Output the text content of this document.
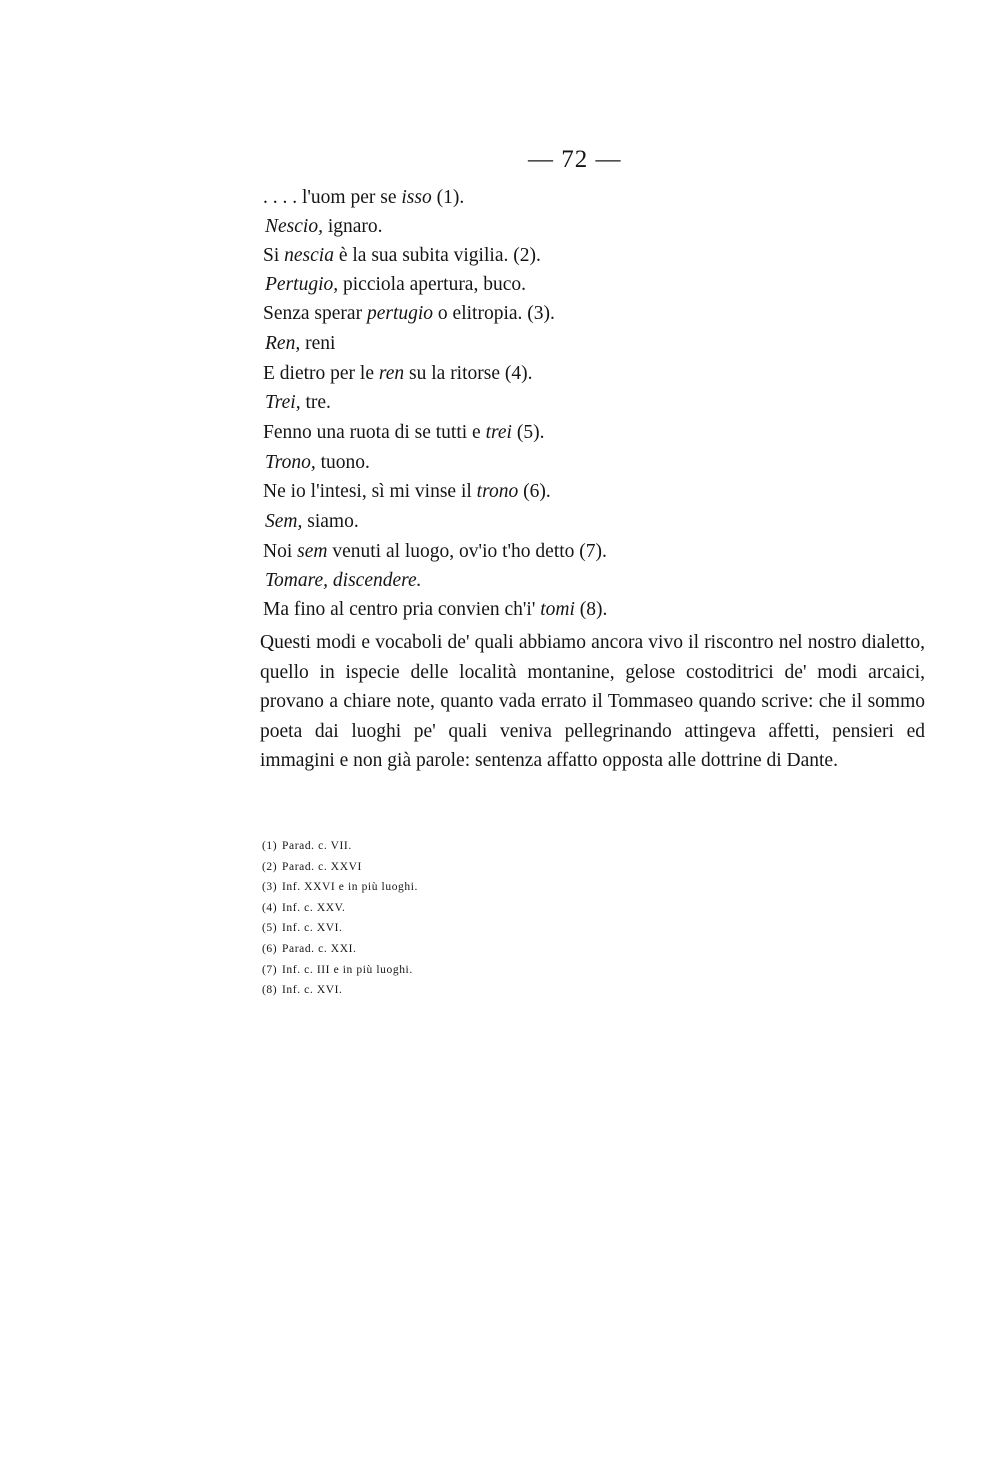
— 72 —
. . . . l'uom per se isso (1).
Nescio, ignaro.
Si nescia è la sua subita vigilia. (2).
Pertugio, picciola apertura, buco.
Senza sperar pertugio o elitropia. (3).
Ren, reni
E dietro per le ren su la ritorse (4).
Trei, tre.
Fenno una ruota di se tutti e trei (5).
Trono, tuono.
Ne io l'intesi, sì mi vinse il trono (6).
Sem, siamo.
Noi sem venuti al luogo, ov'io t'ho detto (7).
Tomare, discendere.
Ma fino al centro pria convien ch'i' tomi (8).
Questi modi e vocaboli de' quali abbiamo ancora vivo il riscontro nel nostro dialetto, quello in ispecie delle località montanine, gelose costoditrici de' modi arcaici, provano a chiare note, quanto vada errato il Tommaseo quando scrive: che il sommo poeta dai luoghi pe' quali veniva pellegrinando attingeva affetti, pensieri ed immagini e non già parole: sentenza affatto opposta alle dottrine di Dante.
(1) Parad. c. VII.
(2) Parad. c. XXVI
(3) Inf. XXVI e in più luoghi.
(4) Inf. c. XXV.
(5) Inf. c. XVI.
(6) Parad. c. XXI.
(7) Inf. c. III e in più luoghi.
(8) Inf. c. XVI.
